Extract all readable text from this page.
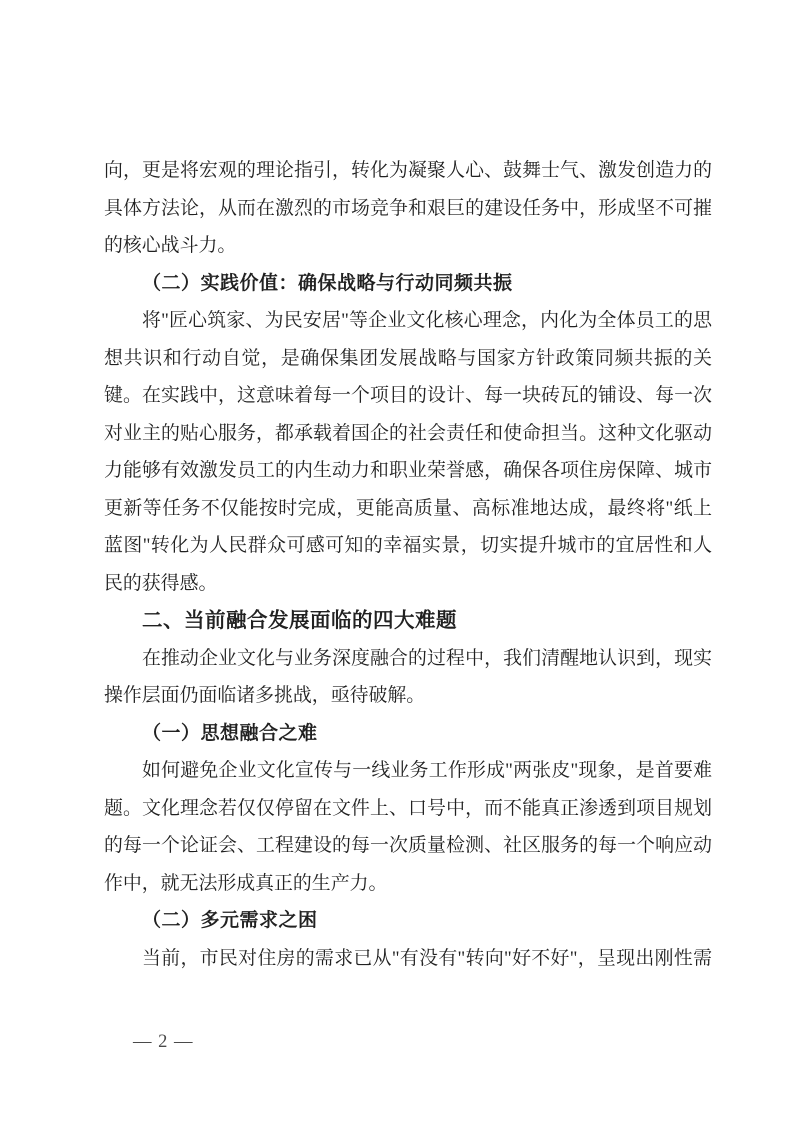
向，更是将宏观的理论指引，转化为凝聚人心、鼓舞士气、激发创造力的
具体方法论，从而在激烈的市场竞争和艰巨的建设任务中，形成坚不可摧
的核心战斗力。
（二）实践价值：确保战略与行动同频共振
将"匠心筑家、为民安居"等企业文化核心理念，内化为全体员工的思
想共识和行动自觉，是确保集团发展战略与国家方针政策同频共振的关
键。在实践中，这意味着每一个项目的设计、每一块砖瓦的铺设、每一次
对业主的贴心服务，都承载着国企的社会责任和使命担当。这种文化驱动
力能够有效激发员工的内生动力和职业荣誉感，确保各项住房保障、城市
更新等任务不仅能按时完成，更能高质量、高标准地达成，最终将"纸上
蓝图"转化为人民群众可感可知的幸福实景，切实提升城市的宜居性和人
民的获得感。
二、当前融合发展面临的四大难题
在推动企业文化与业务深度融合的过程中，我们清醒地认识到，现实
操作层面仍面临诸多挑战，亟待破解。
（一）思想融合之难
如何避免企业文化宣传与一线业务工作形成"两张皮"现象，是首要难
题。文化理念若仅仅停留在文件上、口号中，而不能真正渗透到项目规划
的每一个论证会、工程建设的每一次质量检测、社区服务的每一个响应动
作中，就无法形成真正的生产力。
（二）多元需求之困
当前，市民对住房的需求已从"有没有"转向"好不好"，呈现出刚性需
— 2 —
